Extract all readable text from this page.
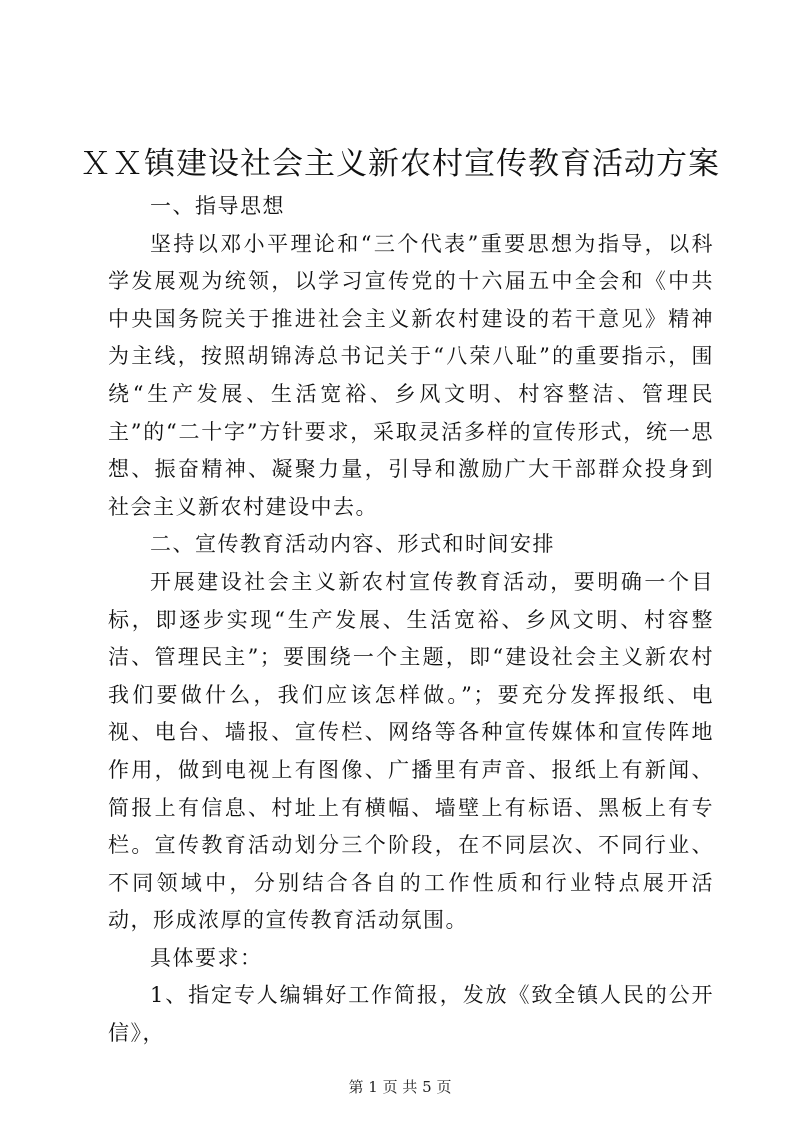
ＸＸ镇建设社会主义新农村宣传教育活动方案

一、指导思想

坚持以邓小平理论和“三个代表”重要思想为指导，以科学发展观为统领，以学习宣传党的十六届五中全会和《中共中央国务院关于推进社会主义新农村建设的若干意见》精神为主线，按照胡锦涛总书记关于“八荣八耻”的重要指示，围绕“生产发展、生活宽裕、乡风文明、村容整洁、管理民主”的“二十字”方针要求，采取灵活多样的宣传形式，统一思想、振奋精神、凝聚力量，引导和激励广大干部群众投身到社会主义新农村建设中去。

二、宣传教育活动内容、形式和时间安排

开展建设社会主义新农村宣传教育活动，要明确一个目标，即逐步实现“生产发展、生活宽裕、乡风文明、村容整洁、管理民主”；要围绕一个主题，即“建设社会主义新农村我们要做什么，我们应该怎样做。”；要充分发挥报纸、电视、电台、墙报、宣传栏、网络等各种宣传媒体和宣传阵地作用，做到电视上有图像、广播里有声音、报纸上有新闻、简报上有信息、村址上有横幅、墙壁上有标语、黑板上有专栏。宣传教育活动划分三个阶段，在不同层次、不同行业、不同领域中，分别结合各自的工作性质和行业特点展开活动，形成浓厚的宣传教育活动氛围。

具体要求：

1、指定专人编辑好工作简报，发放《致全镇人民的公开信》，

第 1 页 共 5 页
